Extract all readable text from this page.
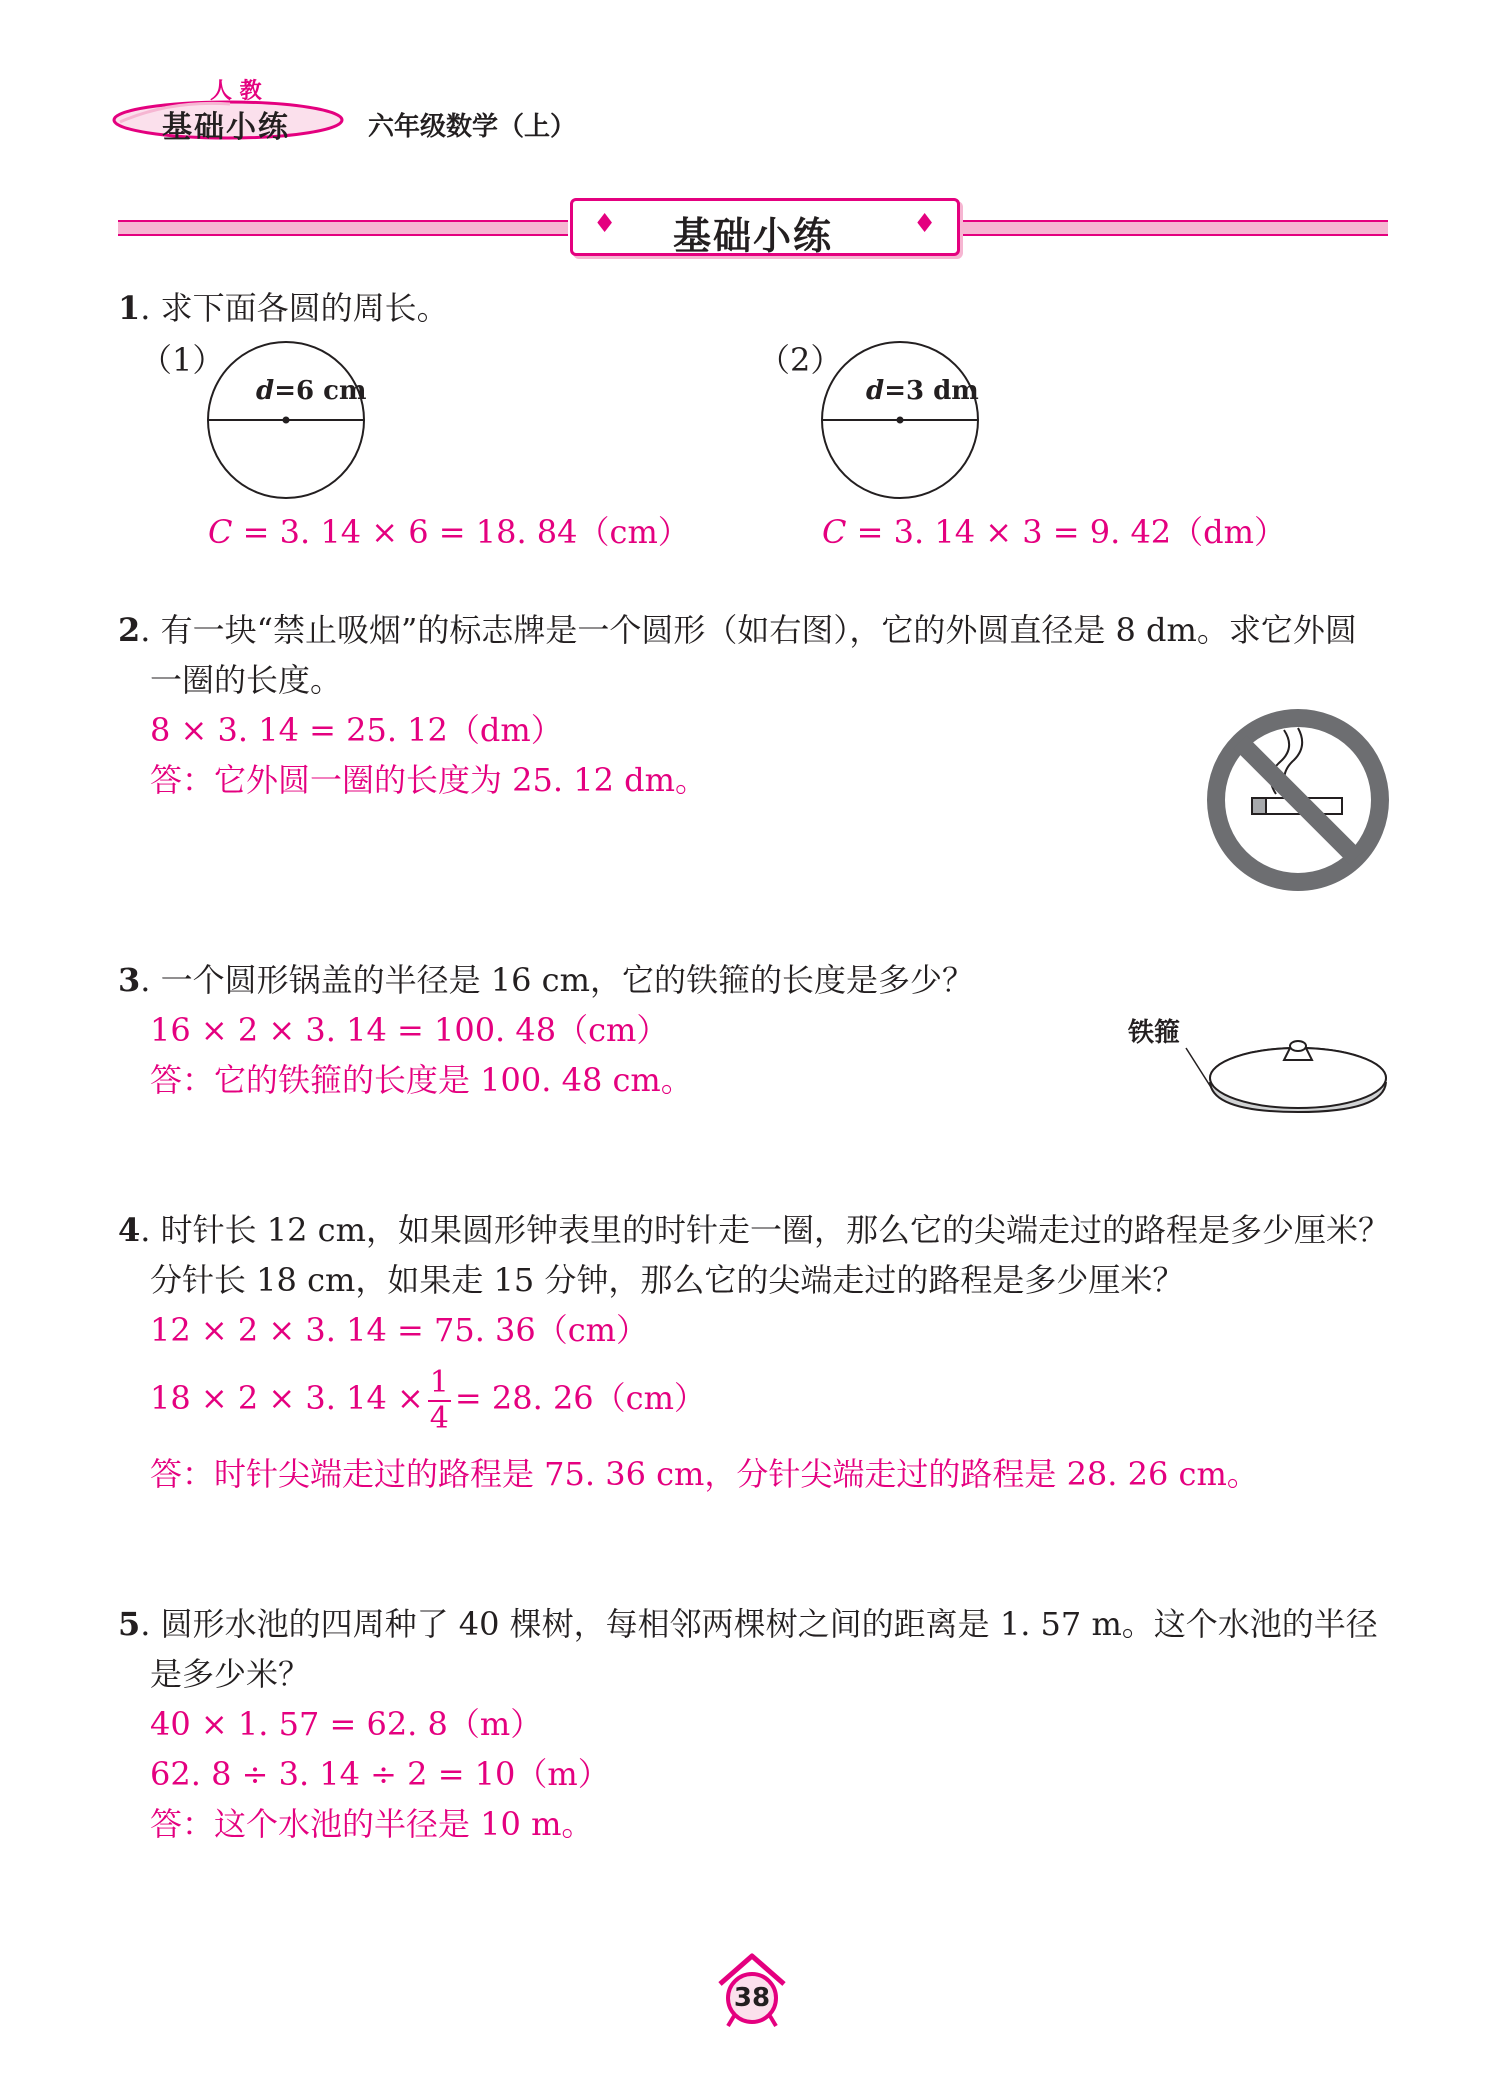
人 教
基础小练	六年级数学（上）
♦ 基础小练	♦
1. 求下面各圆的周长。
（1）
d=6 cm
C = 3. 14 × 6 = 18. 84（cm）
（2）
d=3 dm
C = 3. 14 × 3 = 9. 42（dm）
2. 有一块“禁止吸烟”的标志牌是一个圆形（如右图），它的外圆直径是 8 dm。求它外圆
一圈的长度。
8 × 3. 14 = 25. 12（dm）
答：它外圆一圈的长度为 25. 12 dm。
3. 一个圆形锅盖的半径是 16 cm，它的铁箍的长度是多少？
16 × 2 × 3. 14 = 100. 48（cm）
答：它的铁箍的长度是 100. 48 cm。
铁箍
4. 时针长 12 cm，如果圆形钟表里的时针走一圈，那么它的尖端走过的路程是多少厘米？
分针长 18 cm，如果走 15 分钟，那么它的尖端走过的路程是多少厘米？
12 × 2 × 3. 14 = 75. 36（cm）
18 × 2 × 3. $14 \times \frac{1}{4} = 28$. 26（cm）
答：时针尖端走过的路程是 75. 36 cm，分针尖端走过的路程是 28. 26 cm。
5. 圆形水池的四周种了 40 棵树，每相邻两棵树之间的距离是 1. 57 m。这个水池的半径
是多少米？
40 × 1. 57 = 62. 8（m）
62. 8 ÷ 3. 14 ÷ 2 = 10（m）
答：这个水池的半径是 10 m。
38
